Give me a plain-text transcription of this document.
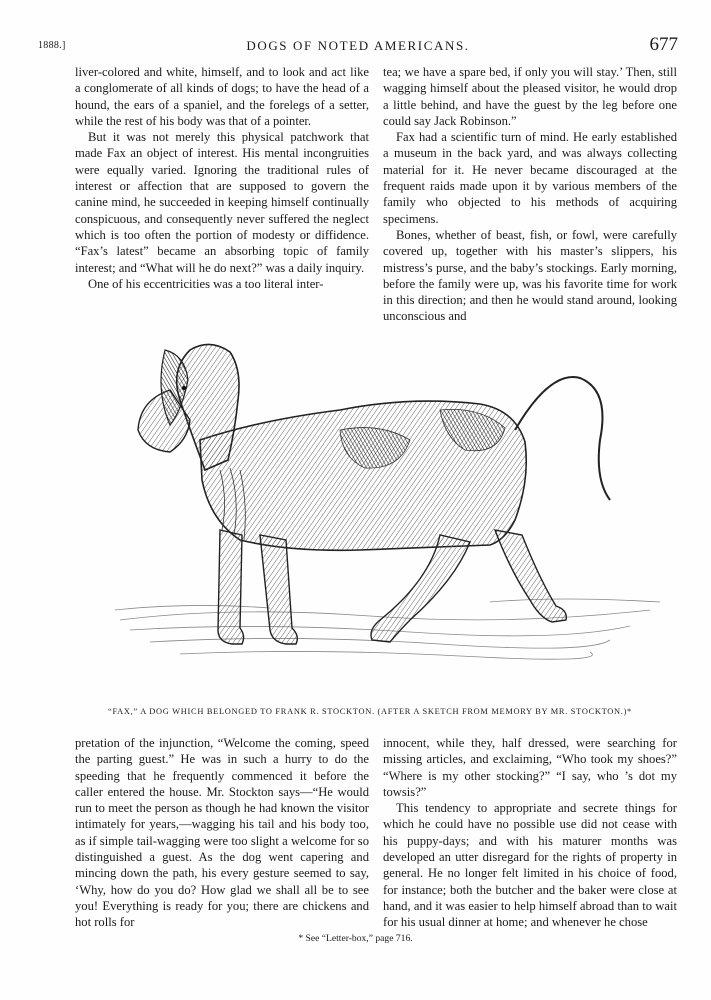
1888.]	DOGS OF NOTED AMERICANS.	677

liver-colored and white, himself, and to look and act like a conglomerate of all kinds of dogs; to have the head of a hound, the ears of a spaniel, and the forelegs of a setter, while the rest of his body was that of a pointer.

But it was not merely this physical patchwork that made Fax an object of interest. His mental incongruities were equally varied. Ignoring the traditional rules of interest or affection that are supposed to govern the canine mind, he succeeded in keeping himself continually conspicuous, and consequently never suffered the neglect which is too often the portion of modesty or diffidence. “Fax’s latest” became an absorbing topic of family interest; and “What will he do next?” was a daily inquiry.

One of his eccentricities was a too literal inter-

tea; we have a spare bed, if only you will stay.’ Then, still wagging himself about the pleased visitor, he would drop a little behind, and have the guest by the leg before one could say Jack Robinson.”

Fax had a scientific turn of mind. He early established a museum in the back yard, and was always collecting material for it. He never became discouraged at the frequent raids made upon it by various members of the family who objected to his methods of acquiring specimens.

Bones, whether of beast, fish, or fowl, were carefully covered up, together with his master’s slippers, his mistress’s purse, and the baby’s stockings. Early morning, before the family were up, was his favorite time for work in this direction; and then he would stand around, looking unconscious and

“FAX,” A DOG WHICH BELONGED TO FRANK R. STOCKTON. (AFTER A SKETCH FROM MEMORY BY MR. STOCKTON.)*

pretation of the injunction, “Welcome the coming, speed the parting guest.” He was in such a hurry to do the speeding that he frequently commenced it before the caller entered the house. Mr. Stockton says—“He would run to meet the person as though he had known the visitor intimately for years,—wagging his tail and his body too, as if simple tail-wagging were too slight a welcome for so distinguished a guest. As the dog went capering and mincing down the path, his every gesture seemed to say, ‘Why, how do you do? How glad we shall all be to see you! Everything is ready for you; there are chickens and hot rolls for

innocent, while they, half dressed, were searching for missing articles, and exclaiming, “Who took my shoes?” “Where is my other stocking?” “I say, who ’s dot my towsis?”

This tendency to appropriate and secrete things for which he could have no possible use did not cease with his puppy-days; and with his maturer months was developed an utter disregard for the rights of property in general. He no longer felt limited in his choice of food, for instance; both the butcher and the baker were close at hand, and it was easier to help himself abroad than to wait for his usual dinner at home; and whenever he chose

* See “Letter-box,” page 716.
